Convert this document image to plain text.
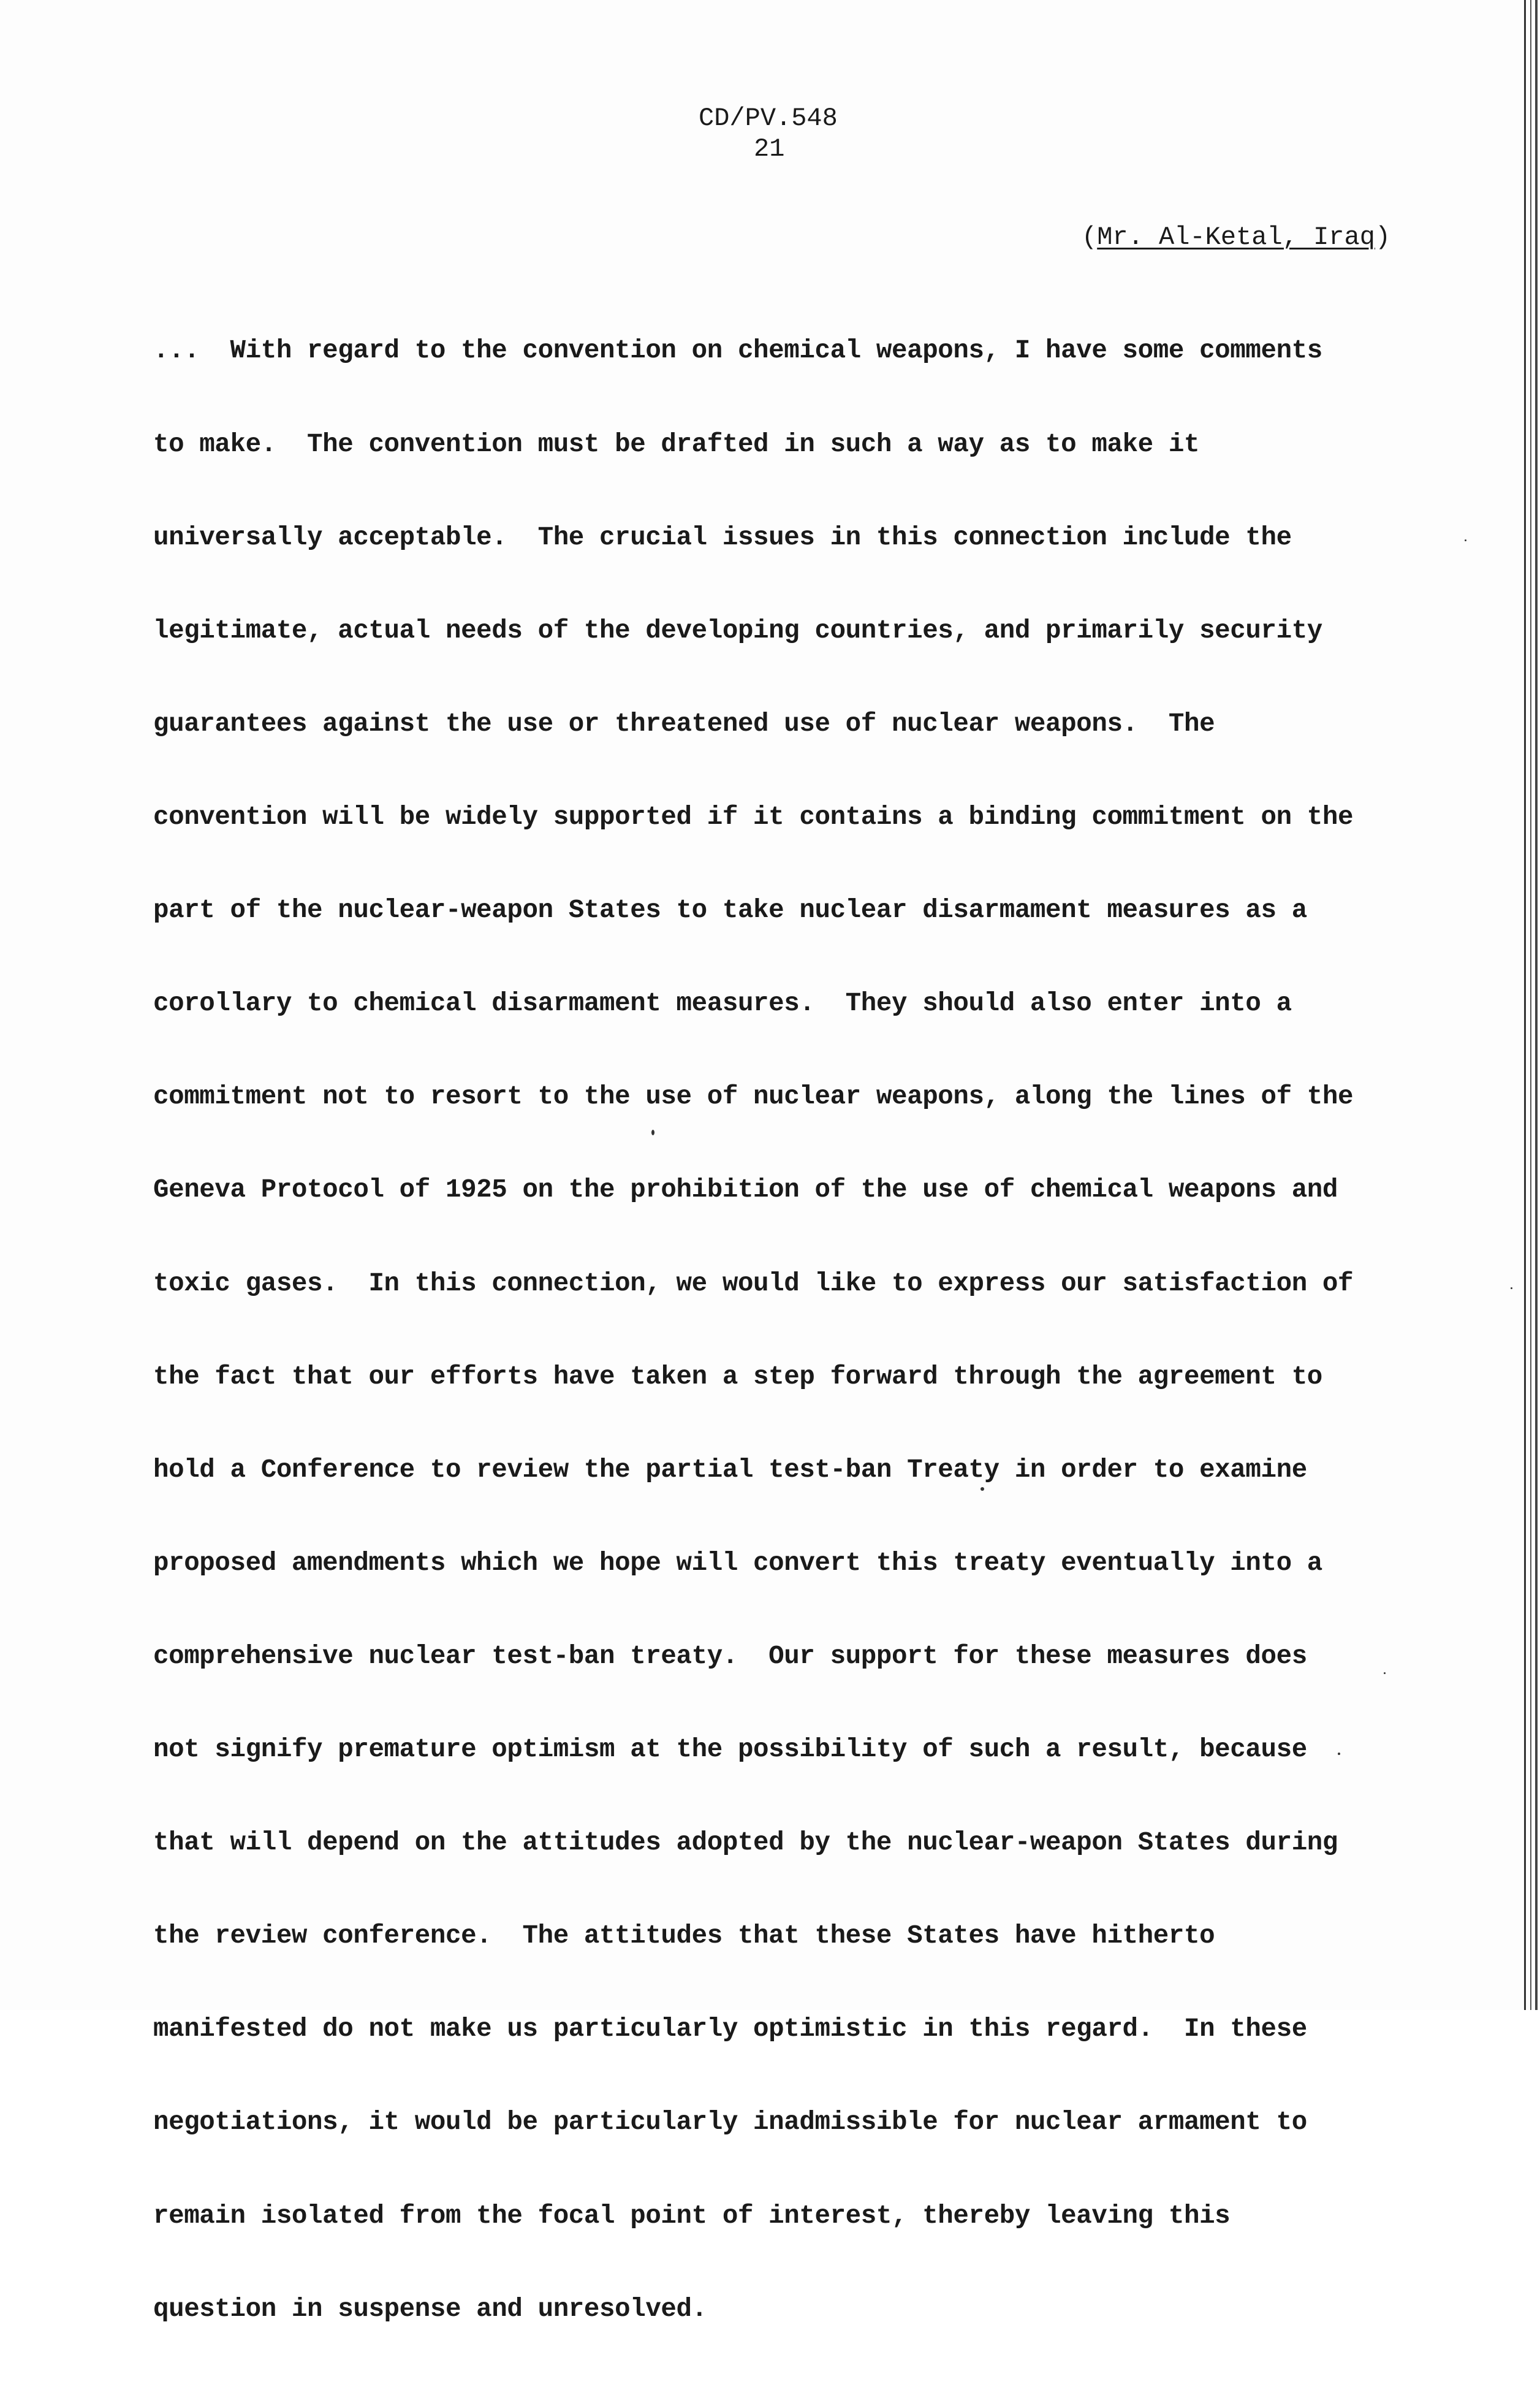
CD/PV.548
21
(Mr. Al-Ketal, Iraq)

...  With regard to the convention on chemical weapons, I have some comments

to make.  The convention must be drafted in such a way as to make it

universally acceptable.  The crucial issues in this connection include the

legitimate, actual needs of the developing countries, and primarily security

guarantees against the use or threatened use of nuclear weapons.  The

convention will be widely supported if it contains a binding commitment on the

part of the nuclear-weapon States to take nuclear disarmament measures as a

corollary to chemical disarmament measures.  They should also enter into a

commitment not to resort to the use of nuclear weapons, along the lines of the

Geneva Protocol of 1925 on the prohibition of the use of chemical weapons and

toxic gases.  In this connection, we would like to express our satisfaction of

the fact that our efforts have taken a step forward through the agreement to

hold a Conference to review the partial test-ban Treaty in order to examine

proposed amendments which we hope will convert this treaty eventually into a

comprehensive nuclear test-ban treaty.  Our support for these measures does

not signify premature optimism at the possibility of such a result, because

that will depend on the attitudes adopted by the nuclear-weapon States during

the review conference.  The attitudes that these States have hitherto

manifested do not make us particularly optimistic in this regard.  In these

negotiations, it would be particularly inadmissible for nuclear armament to

remain isolated from the focal point of interest, thereby leaving this

question in suspense and unresolved.
